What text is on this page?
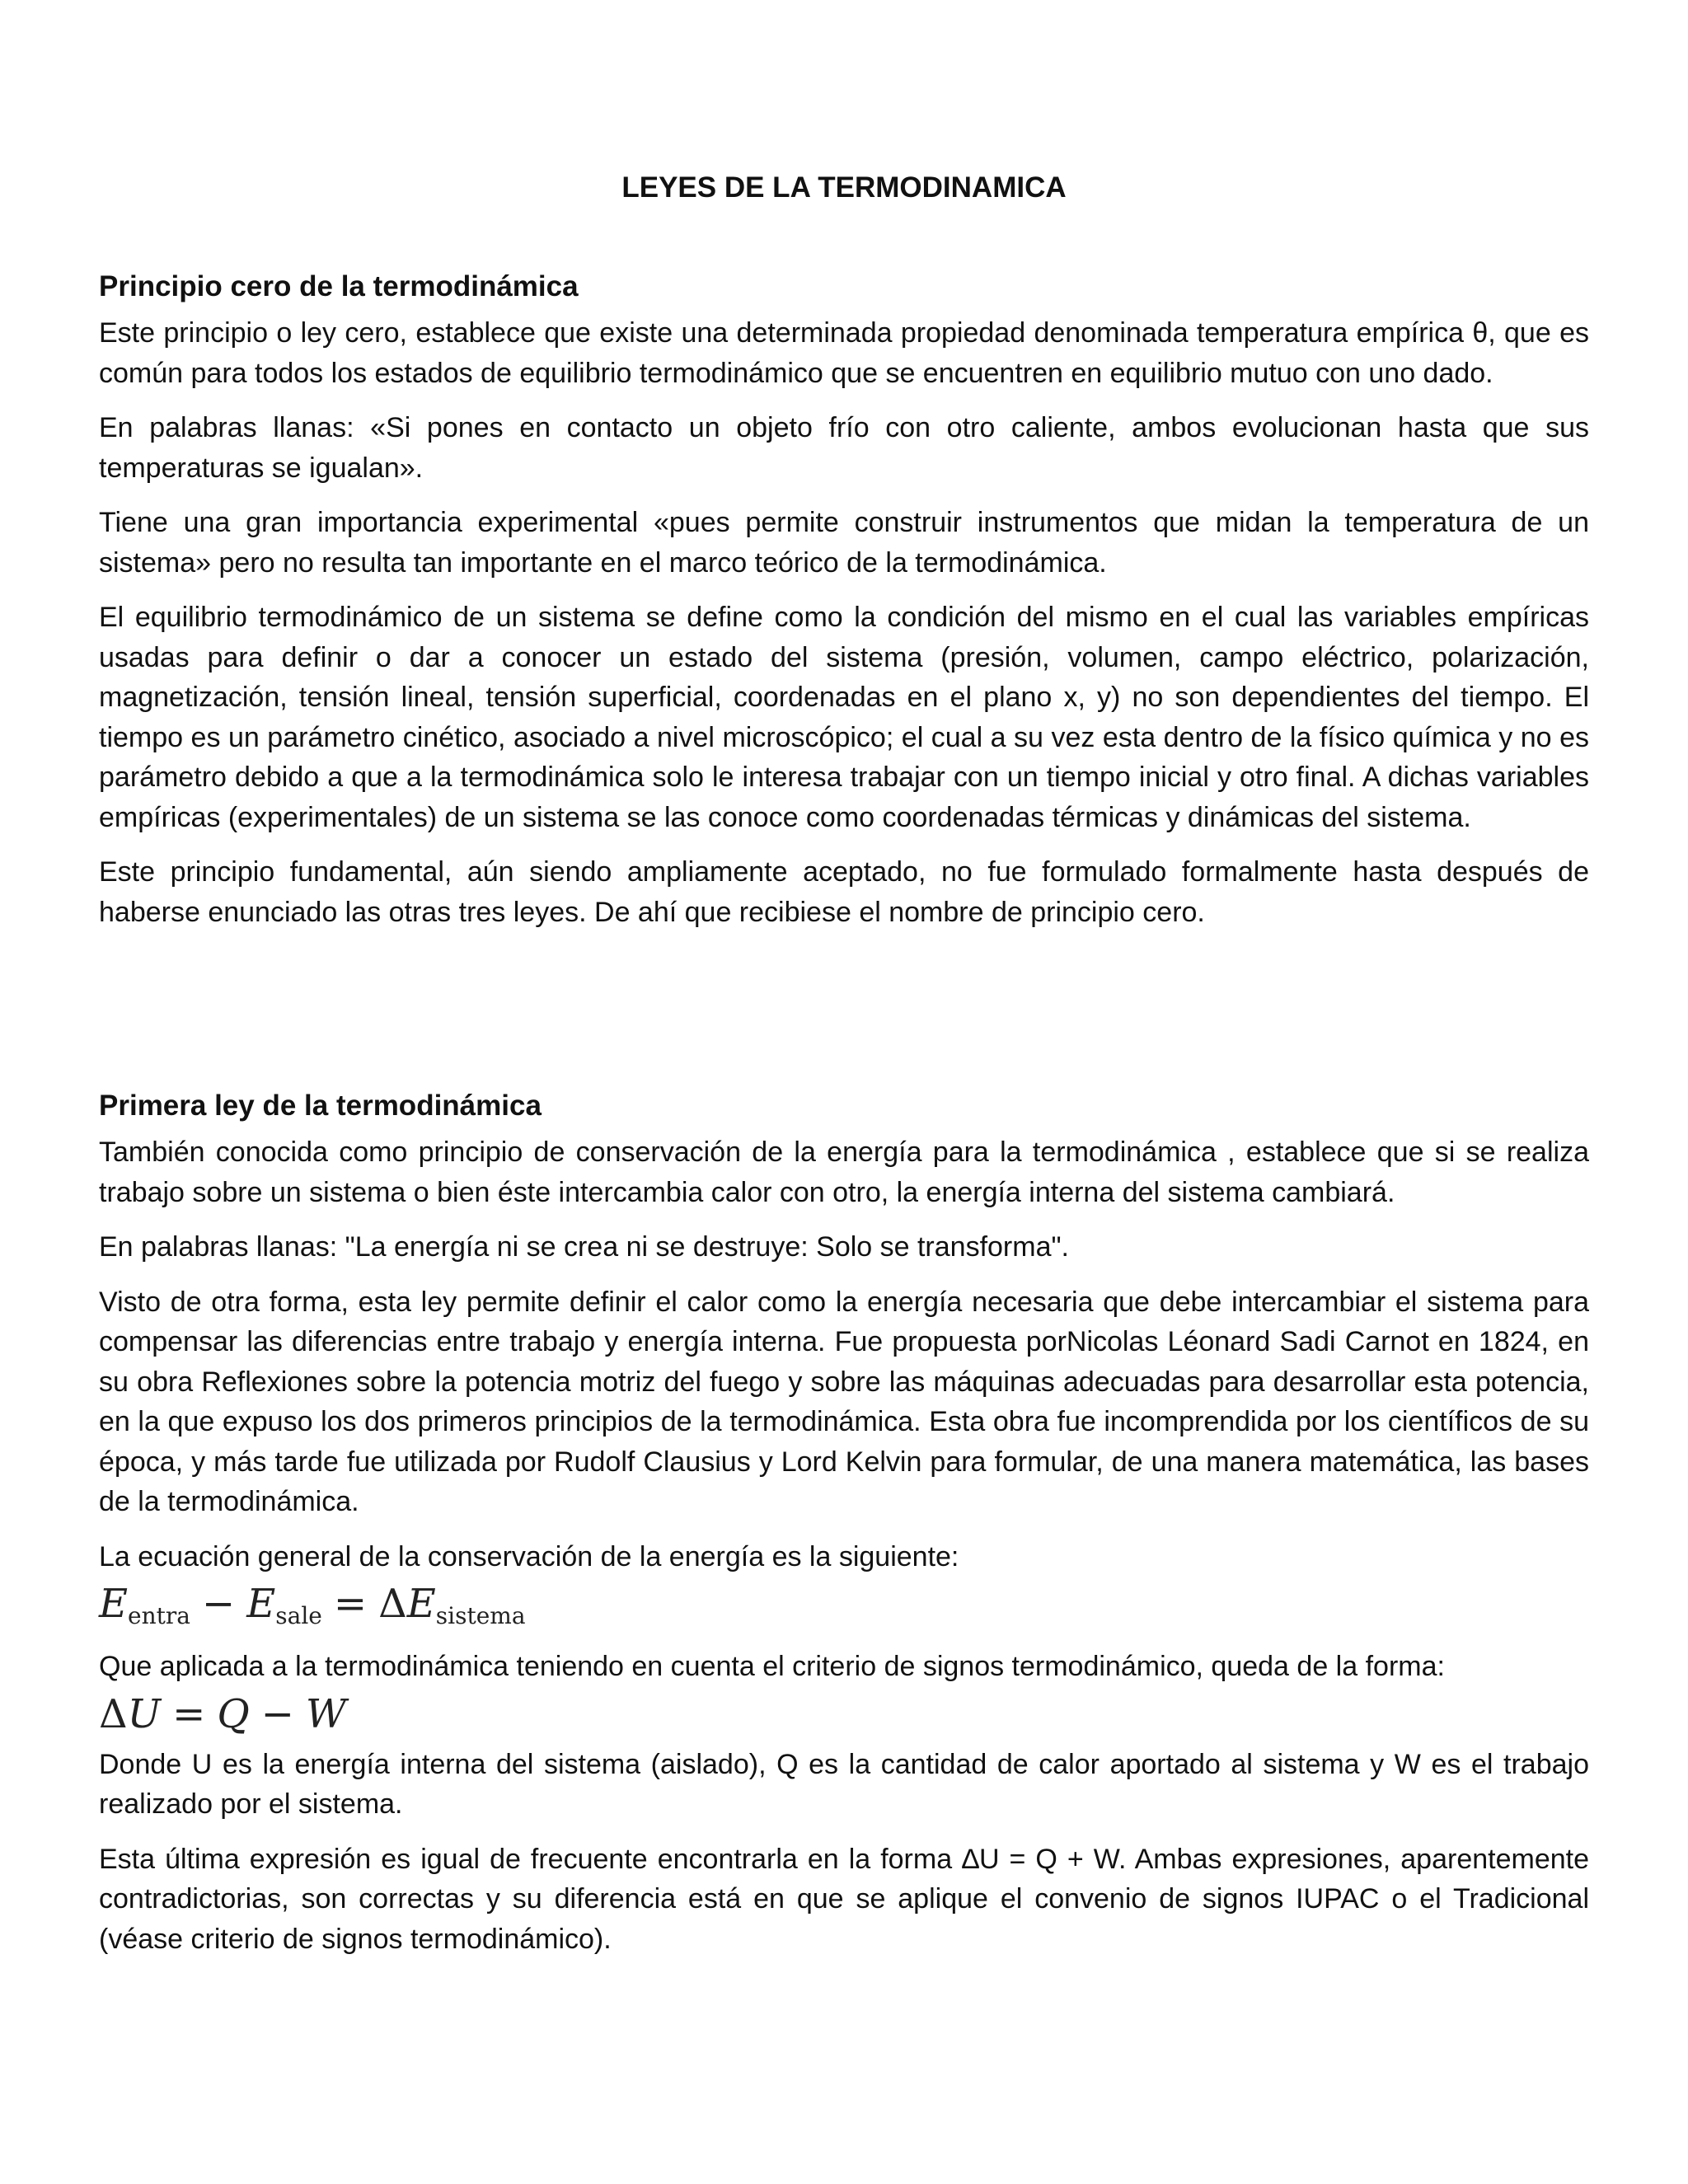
LEYES DE LA TERMODINAMICA
Principio cero de la termodinámica

Este principio o ley cero, establece que existe una determinada propiedad denominada temperatura empírica θ, que es común para todos los estados de equilibrio termodinámico que se encuentren en equilibrio mutuo con uno dado.

En palabras llanas: «Si pones en contacto un objeto frío con otro caliente, ambos evolucionan hasta que sus temperaturas se igualan».

Tiene una gran importancia experimental «pues permite construir instrumentos que midan la temperatura de un sistema» pero no resulta tan importante en el marco teórico de la termodinámica.

El equilibrio termodinámico de un sistema se define como la condición del mismo en el cual las variables empíricas usadas para definir o dar a conocer un estado del sistema (presión, volumen, campo eléctrico, polarización, magnetización, tensión lineal, tensión superficial, coordenadas en el plano x, y) no son dependientes del tiempo. El tiempo es un parámetro cinético, asociado a nivel microscópico; el cual a su vez esta dentro de la físico química y no es parámetro debido a que a la termodinámica solo le interesa trabajar con un tiempo inicial y otro final. A dichas variables empíricas (experimentales) de un sistema se las conoce como coordenadas térmicas y dinámicas del sistema.

Este principio fundamental, aún siendo ampliamente aceptado, no fue formulado formalmente hasta después de haberse enunciado las otras tres leyes. De ahí que recibiese el nombre de principio cero.

Primera ley de la termodinámica

También conocida como principio de conservación de la energía para la termodinámica , establece que si se realiza trabajo sobre un sistema o bien éste intercambia calor con otro, la energía interna del sistema cambiará.

En palabras llanas: "La energía ni se crea ni se destruye: Solo se transforma".

Visto de otra forma, esta ley permite definir el calor como la energía necesaria que debe intercambiar el sistema para compensar las diferencias entre trabajo y energía interna. Fue propuesta porNicolas Léonard Sadi Carnot en 1824, en su obra Reflexiones sobre la potencia motriz del fuego y sobre las máquinas adecuadas para desarrollar esta potencia, en la que expuso los dos primeros principios de la termodinámica. Esta obra fue incomprendida por los científicos de su época, y más tarde fue utilizada por Rudolf Clausius y Lord Kelvin para formular, de una manera matemática, las bases de la termodinámica.

La ecuación general de la conservación de la energía es la siguiente:

$E_{entra} - E_{sale} = \Delta E_{sistema}$

Que aplicada a la termodinámica teniendo en cuenta el criterio de signos termodinámico, queda de la forma:

ΔU = Q − W

Donde U es la energía interna del sistema (aislado), Q es la cantidad de calor aportado al sistema y W es el trabajo realizado por el sistema.

Esta última expresión es igual de frecuente encontrarla en la forma ∆U = Q + W. Ambas expresiones, aparentemente contradictorias, son correctas y su diferencia está en que se aplique el convenio de signos IUPAC o el Tradicional (véase criterio de signos termodinámico).
